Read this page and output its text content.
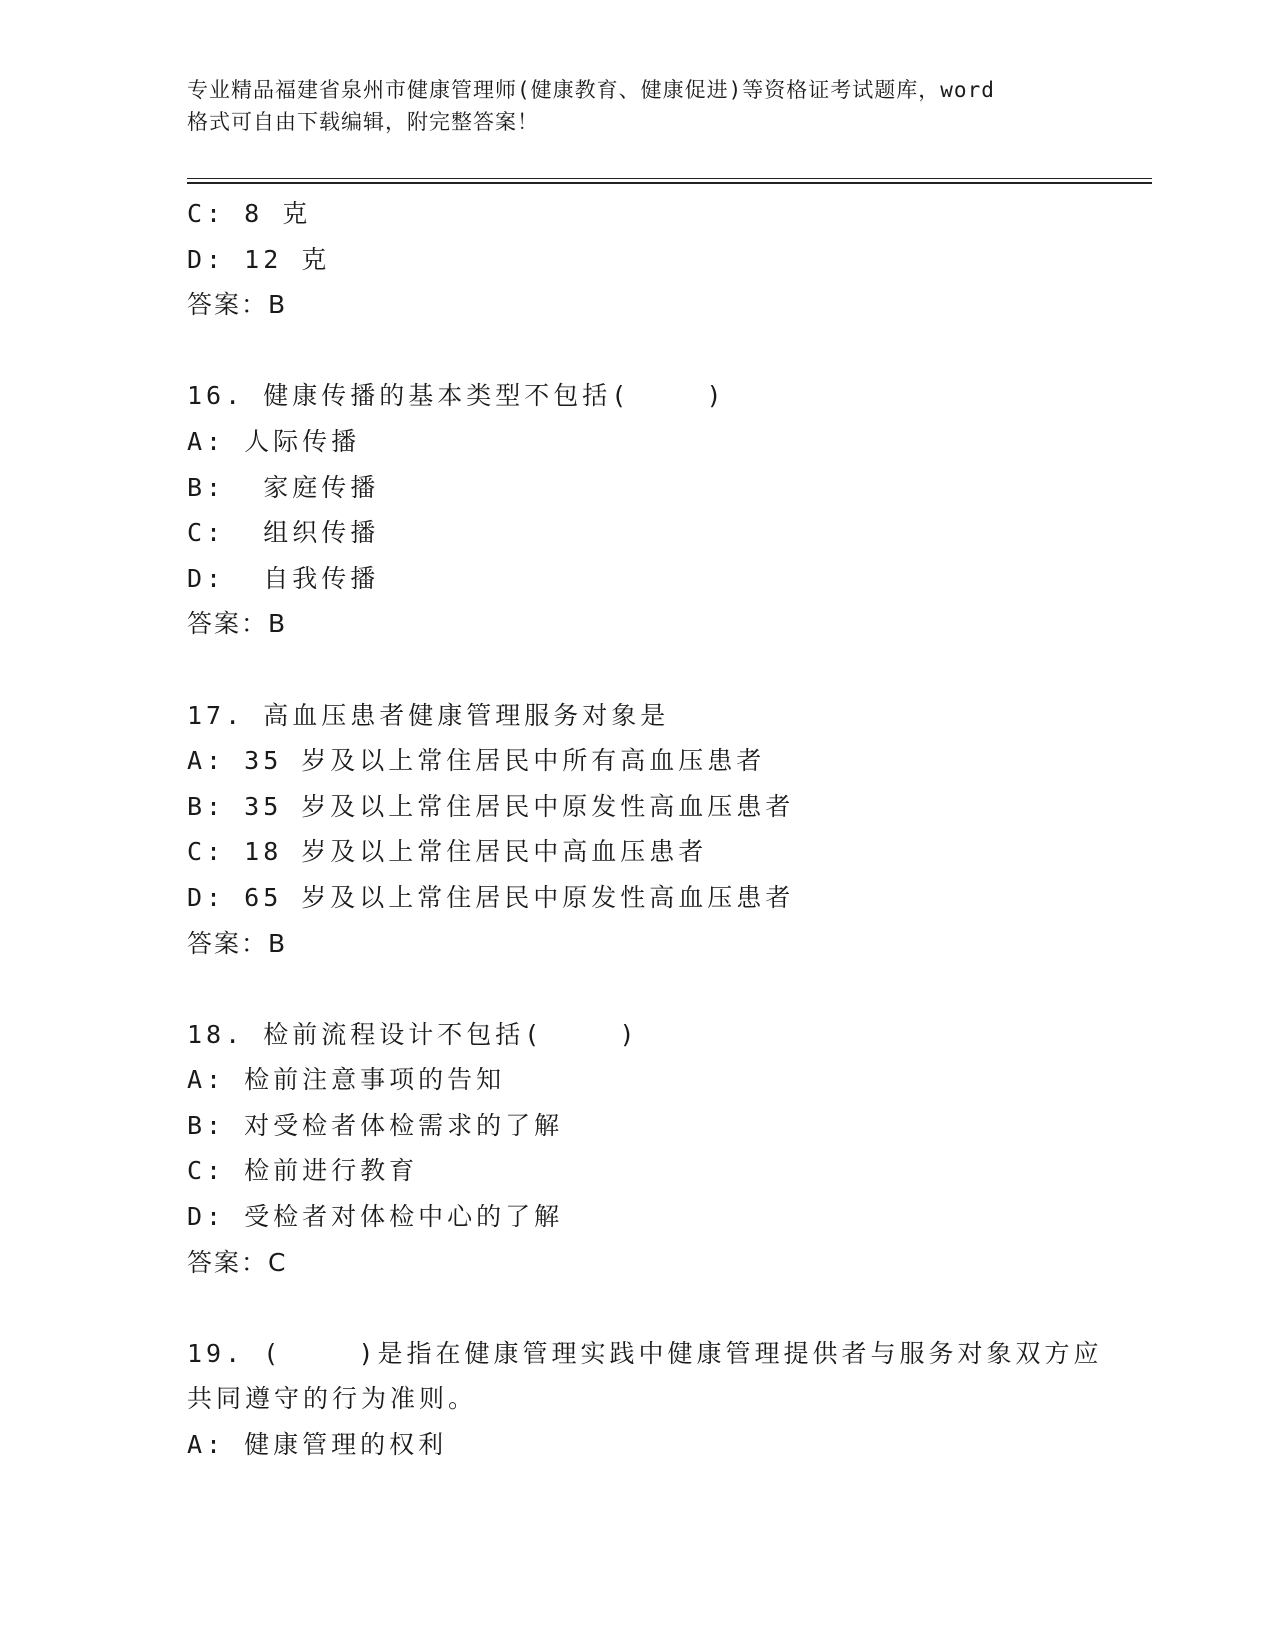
专业精品福建省泉州市健康管理师(健康教育、健康促进)等资格证考试题库，word
格式可自由下载编辑，附完整答案！
C: 8 克
D: 12 克
答案：B
16. 健康传播的基本类型不包括(    )
A: 人际传播
B:  家庭传播
C:  组织传播
D:  自我传播
答案：B
17. 高血压患者健康管理服务对象是
A: 35 岁及以上常住居民中所有高血压患者
B: 35 岁及以上常住居民中原发性高血压患者
C: 18 岁及以上常住居民中高血压患者
D: 65 岁及以上常住居民中原发性高血压患者
答案：B
18. 检前流程设计不包括(    )
A: 检前注意事项的告知
B: 对受检者体检需求的了解
C: 检前进行教育
D: 受检者对体检中心的了解
答案：C
19. (    )是指在健康管理实践中健康管理提供者与服务对象双方应
共同遵守的行为准则。
A: 健康管理的权利
